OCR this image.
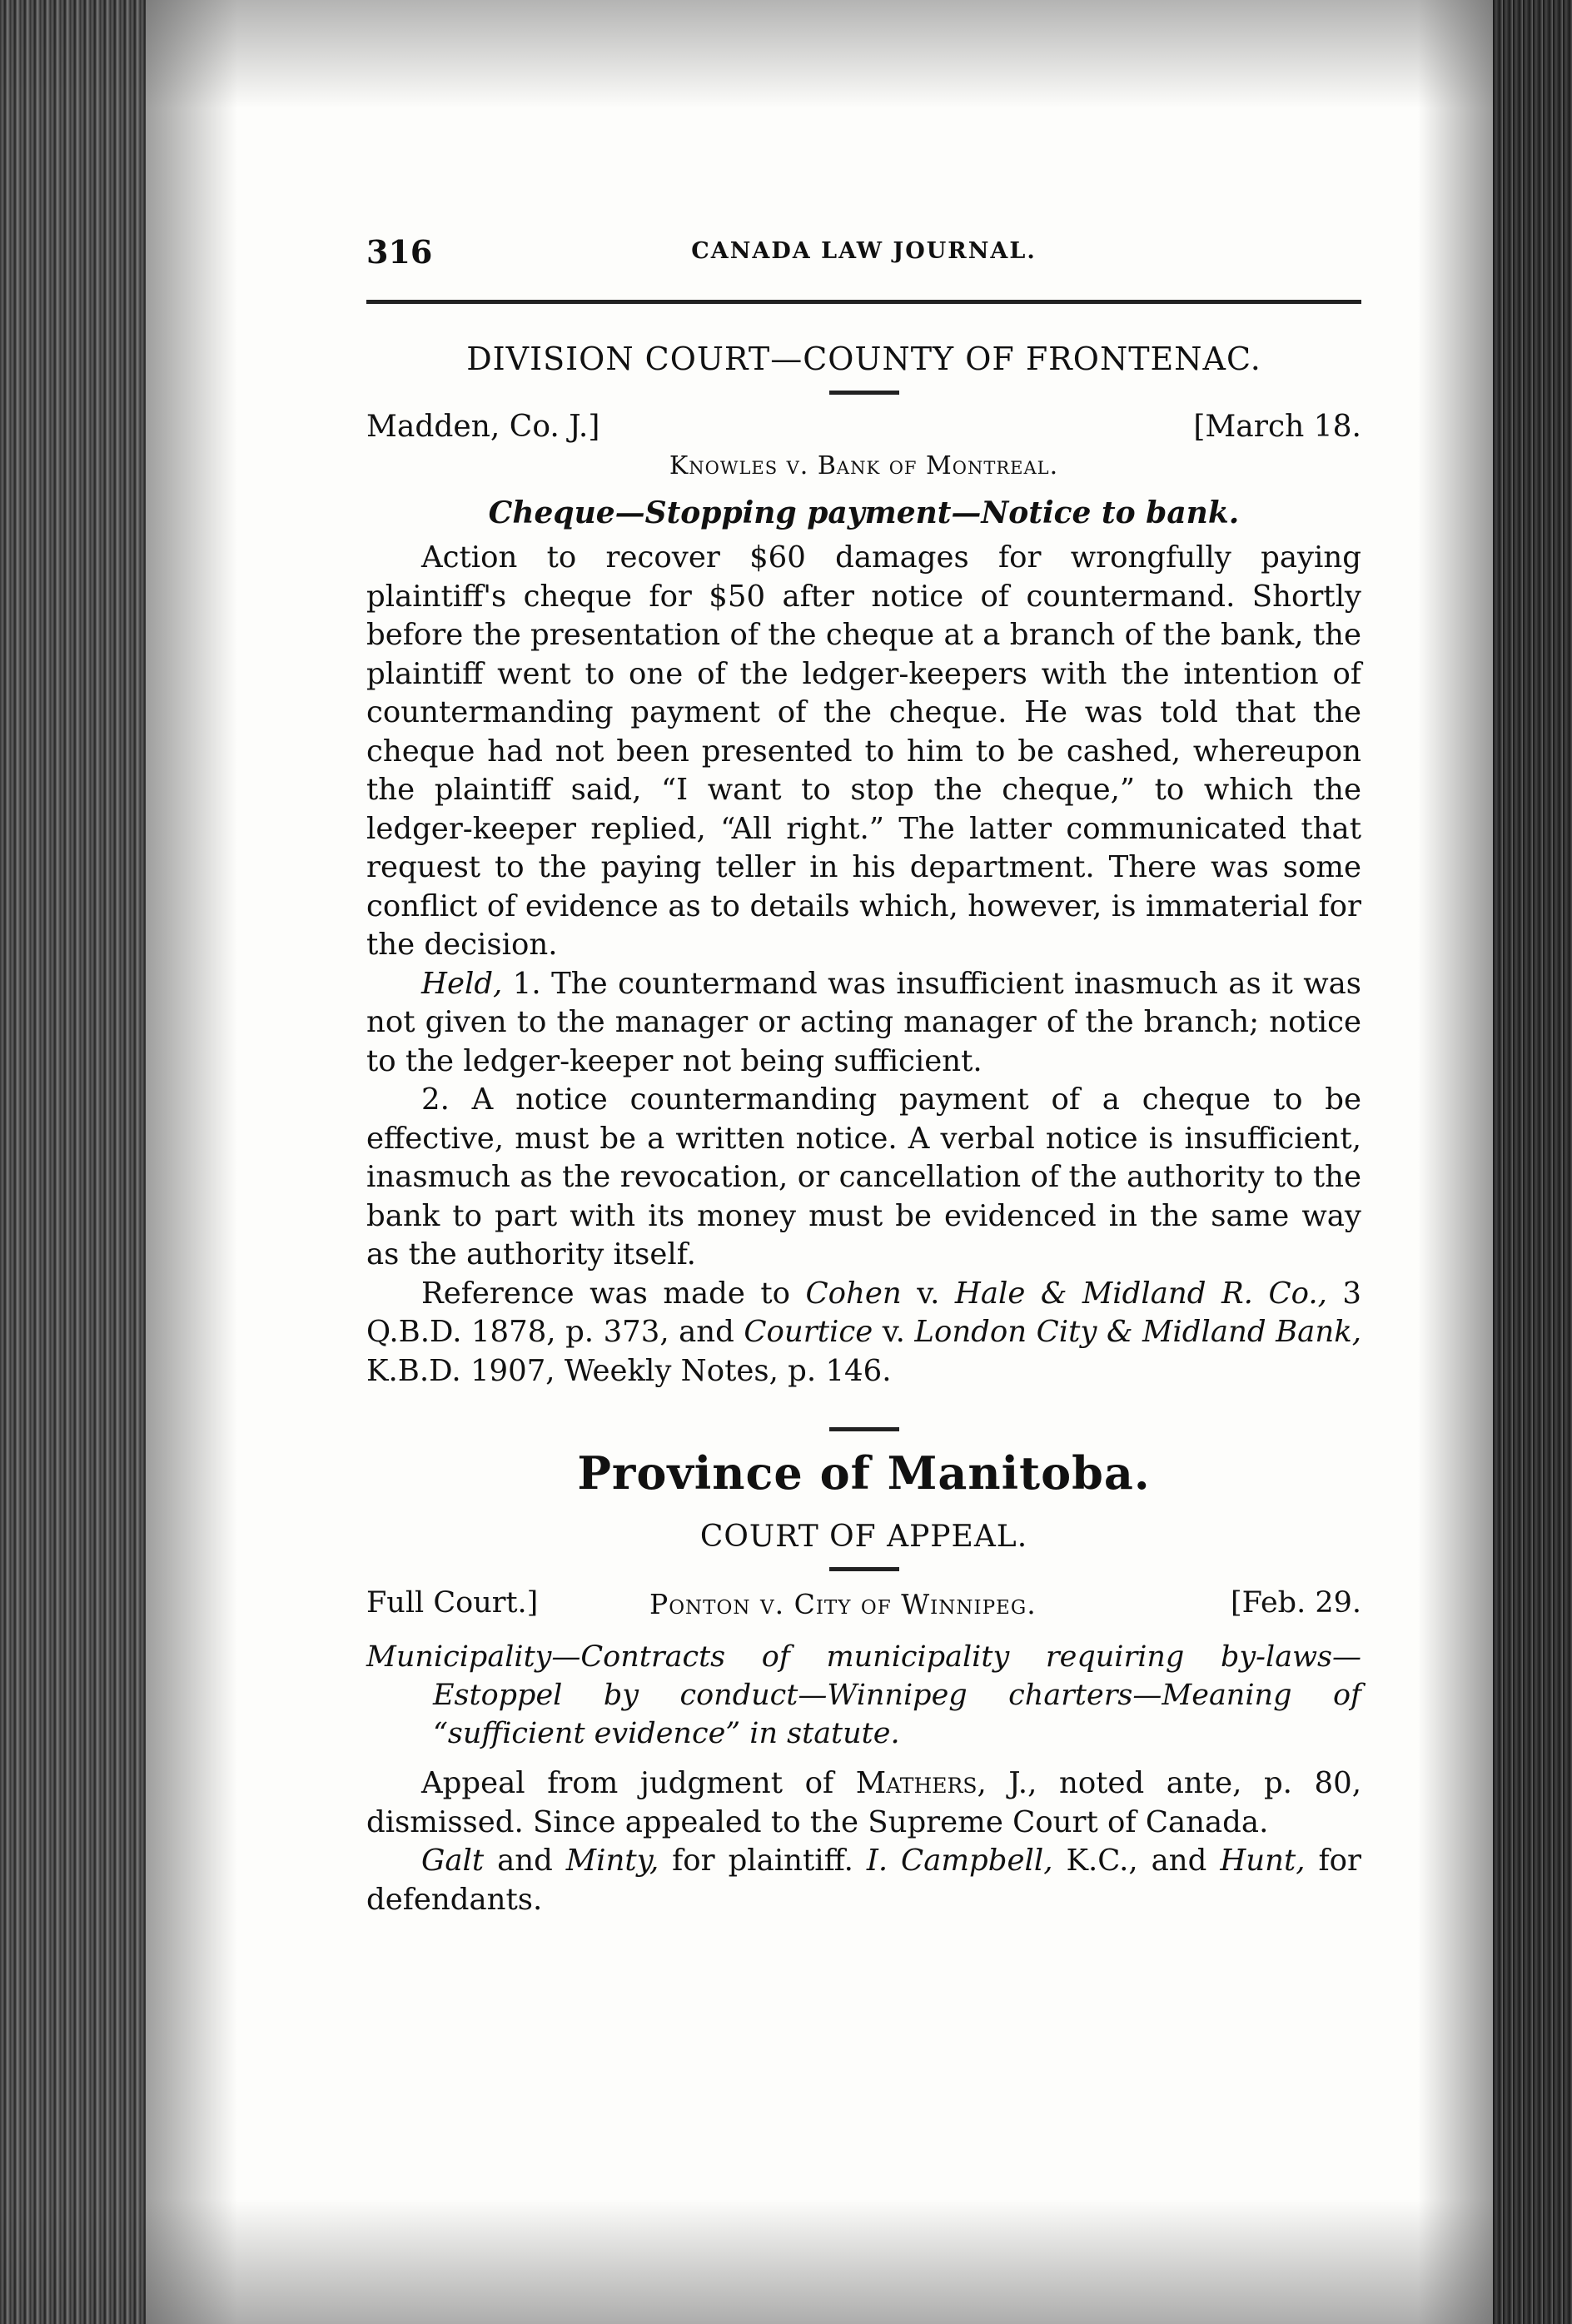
316	CANADA LAW JOURNAL.
DIVISION COURT—COUNTY OF FRONTENAC.
Madden, Co. J.]	[March 18.
Knowles v. Bank of Montreal.
Cheque—Stopping payment—Notice to bank.

Action to recover $60 damages for wrongfully paying plaintiff's cheque for $50 after notice of countermand. Shortly before the presentation of the cheque at a branch of the bank, the plaintiff went to one of the ledger-keepers with the intention of countermanding payment of the cheque. He was told that the cheque had not been presented to him to be cashed, whereupon the plaintiff said, “I want to stop the cheque,” to which the ledger-keeper replied, “All right.” The latter communicated that request to the paying teller in his department. There was some conflict of evidence as to details which, however, is immaterial for the decision.

Held, 1. The countermand was insufficient inasmuch as it was not given to the manager or acting manager of the branch; notice to the ledger-keeper not being sufficient.

2. A notice countermanding payment of a cheque to be effective, must be a written notice. A verbal notice is insufficient, inasmuch as the revocation, or cancellation of the authority to the bank to part with its money must be evidenced in the same way as the authority itself.

Reference was made to Cohen v. Hale & Midland R. Co., 3 Q.B.D. 1878, p. 373, and Courtice v. London City & Midland Bank, K.B.D. 1907, Weekly Notes, p. 146.

Province of Manitoba.
COURT OF APPEAL.
Full Court.]	Ponton v. City of Winnipeg.	[Feb. 29.
Municipality—Contracts of municipality requiring by-laws—Estoppel by conduct—Winnipeg charters—Meaning of “sufficient evidence” in statute.

Appeal from judgment of Mathers, J., noted ante, p. 80, dismissed. Since appealed to the Supreme Court of Canada.

Galt and Minty, for plaintiff. I. Campbell, K.C., and Hunt, for defendants.
